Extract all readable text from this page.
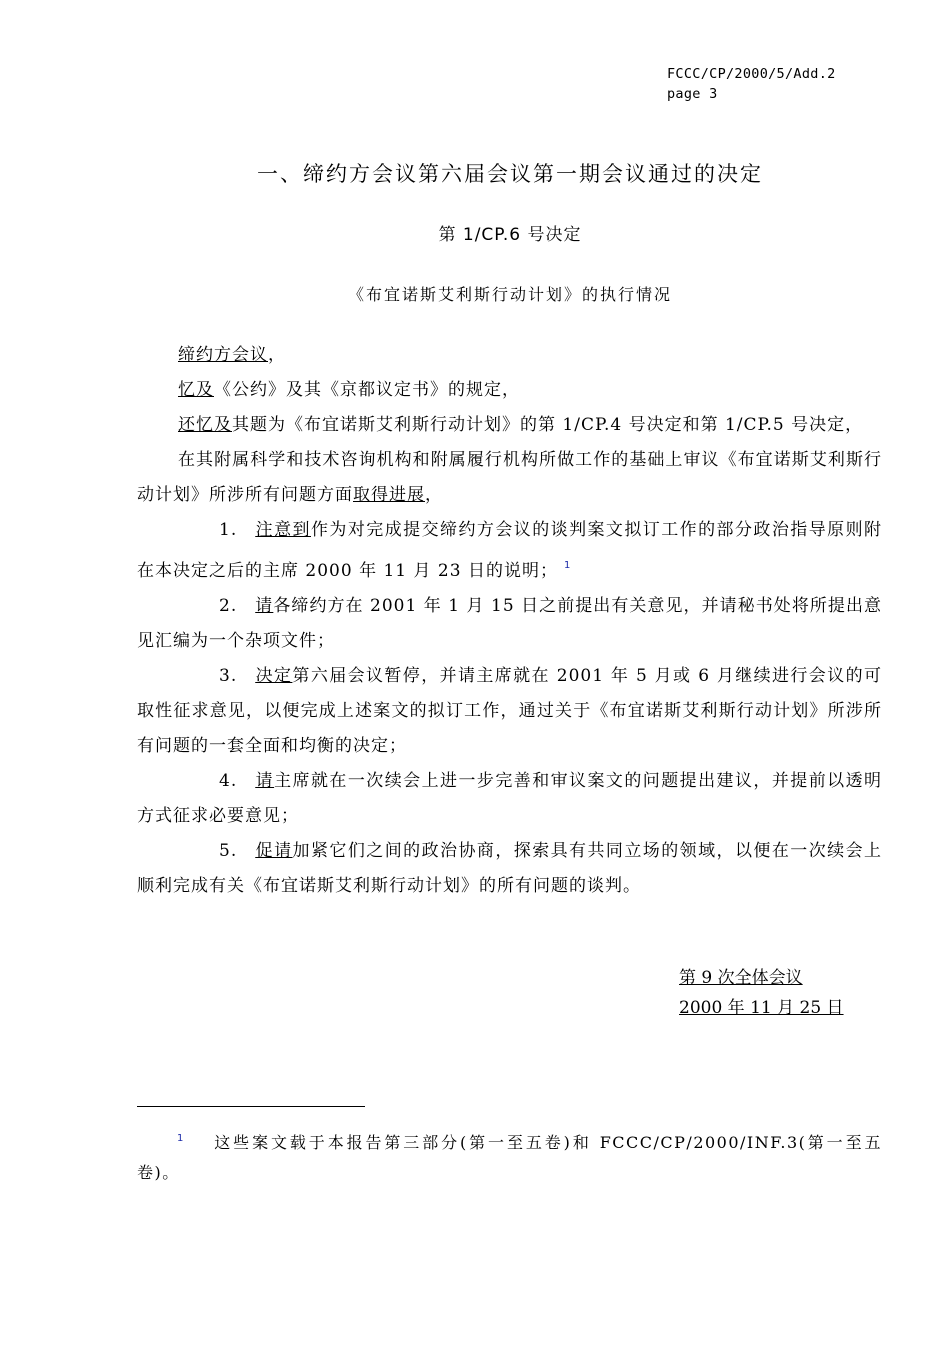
FCCC/CP/2000/5/Add.2
page 3
一、缔约方会议第六届会议第一期会议通过的决定
第 1/CP.6 号决定
《布宜诺斯艾利斯行动计划》的执行情况

缔约方会议，

忆及《公约》及其《京都议定书》的规定，

还忆及其题为《布宜诺斯艾利斯行动计划》的第 1/CP.4 号决定和第 1/CP.5 号决定，

在其附属科学和技术咨询机构和附属履行机构所做工作的基础上审议《布宜诺斯艾利斯行动计划》所涉所有问题方面取得进展，

1. 注意到作为对完成提交缔约方会议的谈判案文拟订工作的部分政治指导原则附在本决定之后的主席 2000 年 11 月 23 日的说明； $^1$

2. 请各缔约方在 2001 年 1 月 15 日之前提出有关意见，并请秘书处将所提出意见汇编为一个杂项文件；

3. 决定第六届会议暂停，并请主席就在 2001 年 5 月或 6 月继续进行会议的可取性征求意见，以便完成上述案文的拟订工作，通过关于《布宜诺斯艾利斯行动计划》所涉所有问题的一套全面和均衡的决定；

4. 请主席就在一次续会上进一步完善和审议案文的问题提出建议，并提前以透明方式征求必要意见；

5. 促请加紧它们之间的政治协商，探索具有共同立场的领域，以便在一次续会上顺利完成有关《布宜诺斯艾利斯行动计划》的所有问题的谈判。

第 9 次全体会议
2000 年 11 月 25 日

$^1$ 这些案文载于本报告第三部分(第一至五卷)和 FCCC/CP/2000/INF.3(第一至五卷)。
